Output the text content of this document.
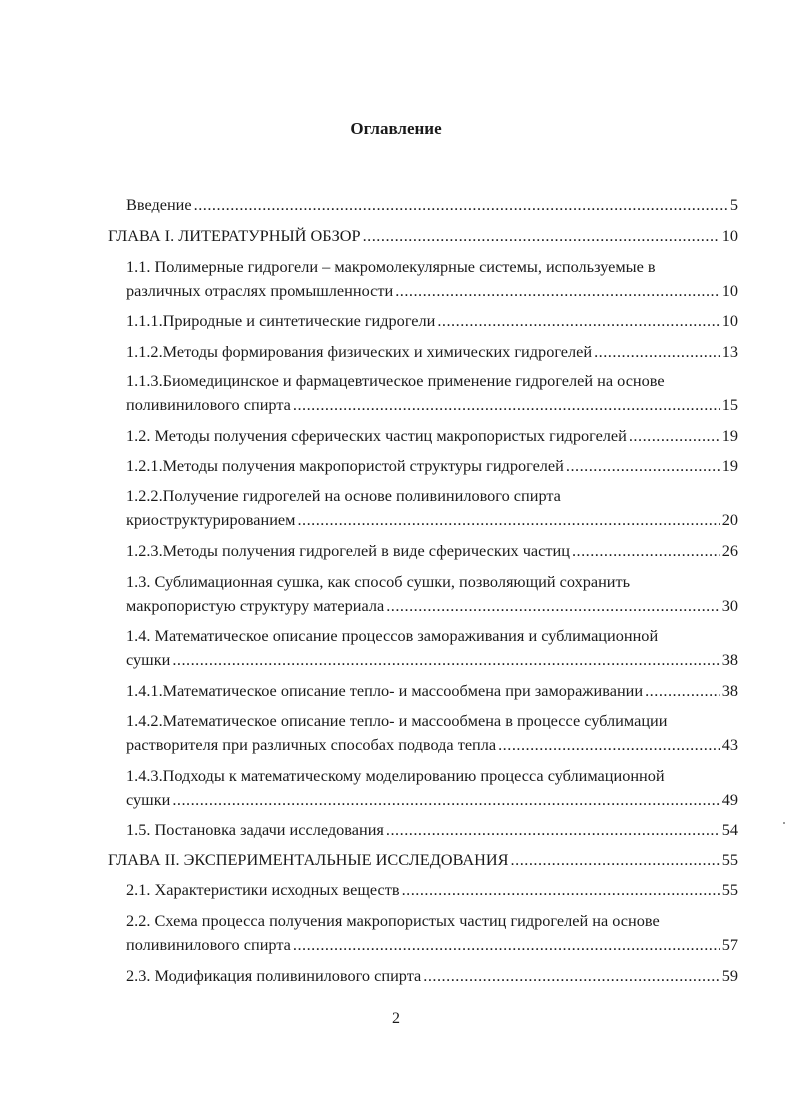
Оглавление
Введение .....	5
ГЛАВА I. ЛИТЕРАТУРНЫЙ ОБЗОР .....	10
1.1. Полимерные гидрогели – макромолекулярные системы, используемые в
различных отраслях промышленности .....	10
1.1.1.Природные и синтетические гидрогели .....	10
1.1.2.Методы формирования физических и химических гидрогелей .....	13
1.1.3.Биомедицинское и фармацевтическое применение гидрогелей на основе
поливинилового спирта .....	15
1.2. Методы получения сферических частиц макропористых гидрогелей .....	19
1.2.1.Методы получения макропористой структуры гидрогелей .....	19
1.2.2.Получение гидрогелей на основе поливинилового спирта
криоструктурированием .....	20
1.2.3.Методы получения гидрогелей в виде сферических частиц .....	26
1.3. Сублимационная сушка, как способ сушки, позволяющий сохранить
макропористую структуру материала .....	30
1.4. Математическое описание процессов замораживания и сублимационной
сушки .....	38
1.4.1.Математическое описание тепло- и массообмена при замораживании .....	38
1.4.2.Математическое описание тепло- и массообмена в процессе сублимации
растворителя при различных способах подвода тепла .....	43
1.4.3.Подходы к математическому моделированию процесса сублимационной
сушки .....	49
1.5. Постановка задачи исследования .....	54
ГЛАВА II. ЭКСПЕРИМЕНТАЛЬНЫЕ ИССЛЕДОВАНИЯ .....	55
2.1. Характеристики исходных веществ .....	55
2.2. Схема процесса получения макропористых частиц гидрогелей на основе
поливинилового спирта .....	57
2.3. Модификация поливинилового спирта .....	59
2
